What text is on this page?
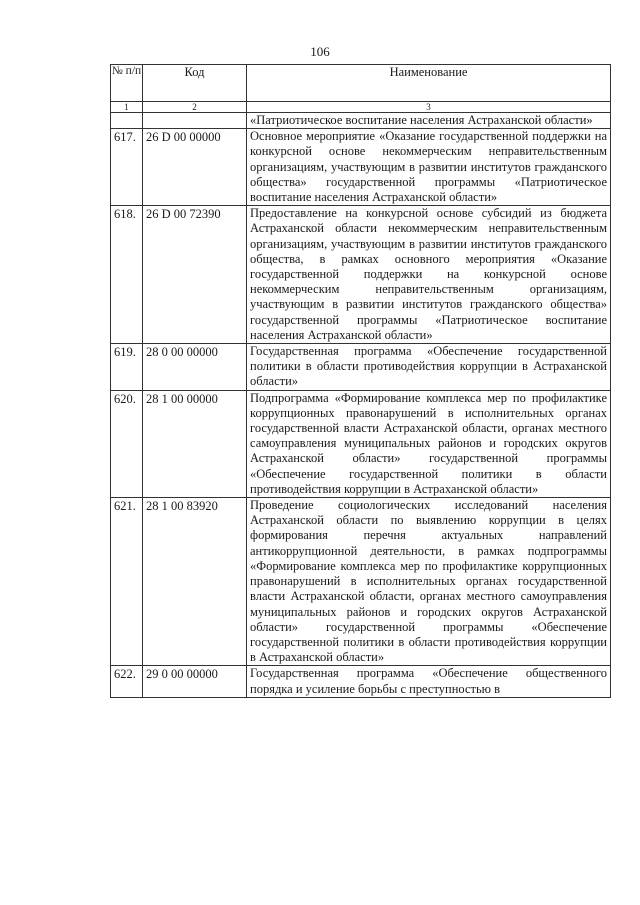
106
№ п/п	Код	Наименование
1	2	3
		«Патриотическое воспитание населения Астраханской области»
617.	26 D 00 00000	Основное мероприятие «Оказание государственной поддержки на конкурсной основе некоммерческим неправительственным организациям, участвующим в развитии институтов гражданского общества» государственной программы «Патриотическое воспитание населения Астраханской области»
618.	26 D 00 72390	Предоставление на конкурсной основе субсидий из бюджета Астраханской области некоммерческим неправительственным организациям, участвующим в развитии институтов гражданского общества, в рамках основного мероприятия «Оказание государственной поддержки на конкурсной основе некоммерческим неправительственным организациям, участвующим в развитии институтов гражданского общества» государственной программы «Патриотическое воспитание населения Астраханской области»
619.	28 0 00 00000	Государственная программа «Обеспечение государственной политики в области противодействия коррупции в Астраханской области»
620.	28 1 00 00000	Подпрограмма «Формирование комплекса мер по профилактике коррупционных правонарушений в исполнительных органах государственной власти Астраханской области, органах местного самоуправления муниципальных районов и городских округов Астраханской области» государственной программы «Обеспечение государственной политики в области противодействия коррупции в Астраханской области»
621.	28 1 00 83920	Проведение социологических исследований населения Астраханской области по выявлению коррупции в целях формирования перечня актуальных направлений антикоррупционной деятельности, в рамках подпрограммы «Формирование комплекса мер по профилактике коррупционных правонарушений в исполнительных органах государственной власти Астраханской области, органах местного самоуправления муниципальных районов и городских округов Астраханской области» государственной программы «Обеспечение государственной политики в области противодействия коррупции в Астраханской области»
622.	29 0 00 00000	Государственная программа «Обеспечение общественного порядка и усиление борьбы с преступностью в
